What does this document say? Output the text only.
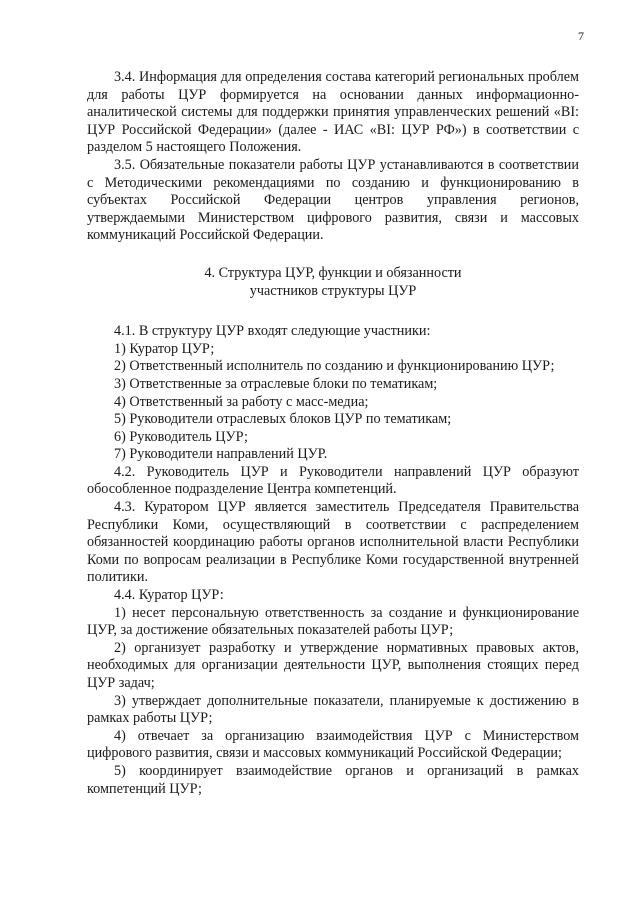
7

3.4. Информация для определения состава категорий региональных проблем для работы ЦУР формируется на основании данных информационно-аналитической системы для поддержки принятия управленческих решений «BI: ЦУР Российской Федерации» (далее - ИАС «BI: ЦУР РФ») в соответствии с разделом 5 настоящего Положения.

3.5. Обязательные показатели работы ЦУР устанавливаются в соответствии с Методическими рекомендациями по созданию и функционированию в субъектах Российской Федерации центров управления регионов, утверждаемыми Министерством цифрового развития, связи и массовых коммуникаций Российской Федерации.

4. Структура ЦУР, функции и обязанности

участников структуры ЦУР

4.1. В структуру ЦУР входят следующие участники:

1) Куратор ЦУР;

2) Ответственный исполнитель по созданию и функционированию ЦУР;

3) Ответственные за отраслевые блоки по тематикам;

4) Ответственный за работу с масс-медиа;

5) Руководители отраслевых блоков ЦУР по тематикам;

6) Руководитель ЦУР;

7) Руководители направлений ЦУР.

4.2. Руководитель ЦУР и Руководители направлений ЦУР образуют обособленное подразделение Центра компетенций.

4.3. Куратором ЦУР является заместитель Председателя Правительства Республики Коми, осуществляющий в соответствии с распределением обязанностей координацию работы органов исполнительной власти Республики Коми по вопросам реализации в Республике Коми государственной внутренней политики.

4.4. Куратор ЦУР:

1) несет персональную ответственность за создание и функционирование ЦУР, за достижение обязательных показателей работы ЦУР;

2) организует разработку и утверждение нормативных правовых актов, необходимых для организации деятельности ЦУР, выполнения стоящих перед ЦУР задач;

3) утверждает дополнительные показатели, планируемые к достижению в рамках работы ЦУР;

4) отвечает за организацию взаимодействия ЦУР с Министерством цифрового развития, связи и массовых коммуникаций Российской Федерации;

5) координирует взаимодействие органов и организаций в рамках компетенций ЦУР;
